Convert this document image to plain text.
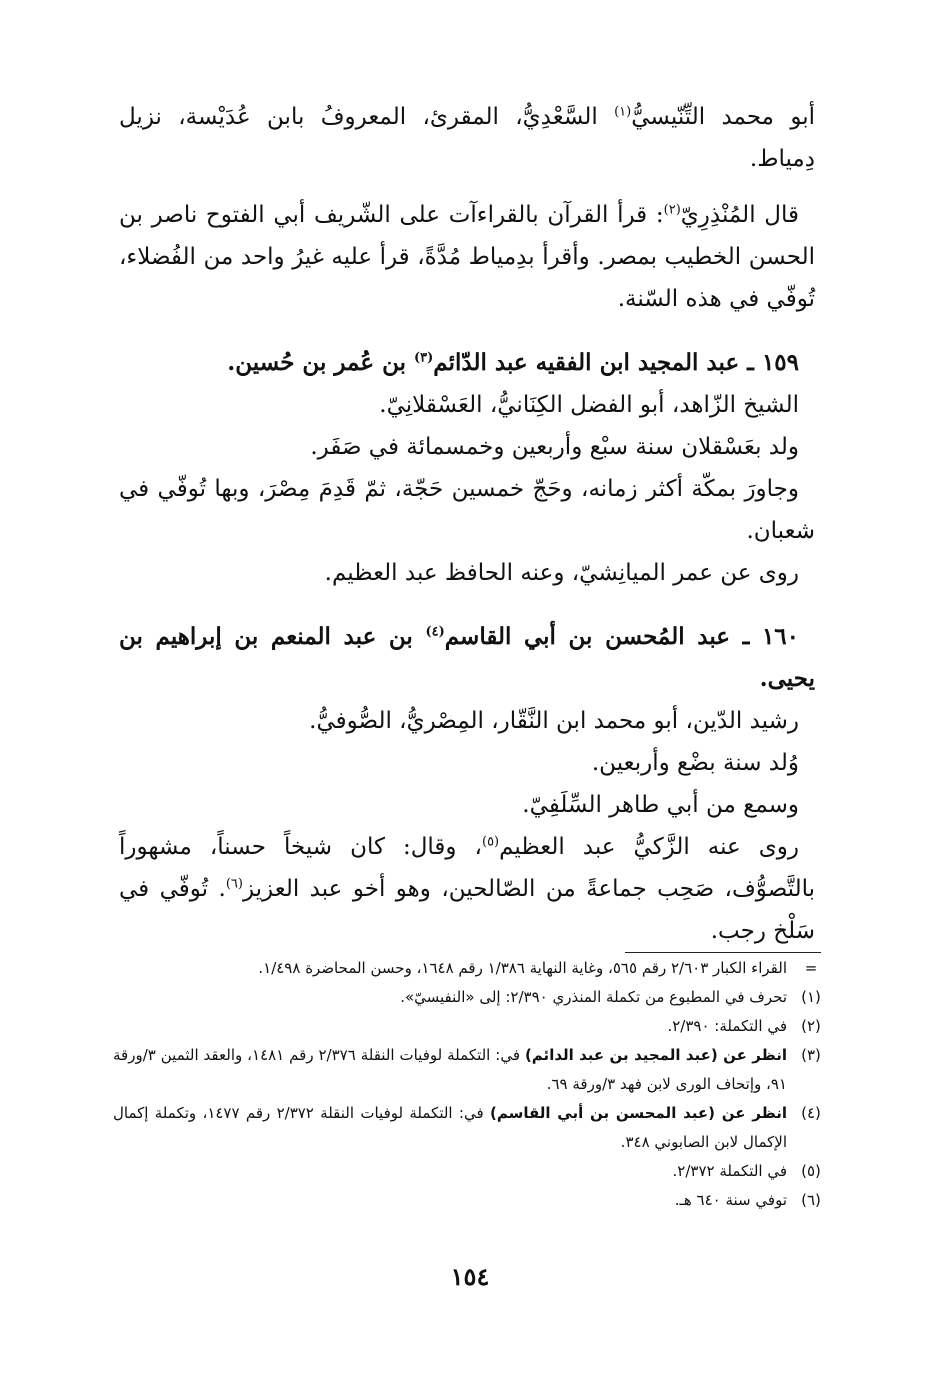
أبو محمد التِّنّيسيُّ$^{(١)}$ السَّعْدِيُّ، المقرئ، المعروفُ بابن عُدَيْسة، نزيل دِمياط.

قال المُنْذِرِيّ$^{(٢)}$: قرأ القرآن بالقراءآت على الشّريف أبي الفتوح ناصر بن الحسن الخطيب بمصر. وأقرأ بدِمياط مُدَّةً، قرأ عليه غيرُ واحد من الفُضلاء، تُوفّي في هذه السّنة.

١٥٩ ـ عبد المجيد ابن الفقيه عبد الدّائم$^{(٣)}$ بن عُمر بن حُسين.

الشيخ الزّاهد، أبو الفضل الكِنَانيُّ، العَسْقلانِيّ.

ولد بعَسْقلان سنة سبْع وأربعين وخمسمائة في صَفَر.

وجاورَ بمكّة أكثر زمانه، وحَجّ خمسين حَجّة، ثمّ قَدِمَ مِصْرَ، وبها تُوفّي في شعبان.

روى عن عمر الميانِشيّ، وعنه الحافظ عبد العظيم.

١٦٠ ـ عبد المُحسن بن أبي القاسم$^{(٤)}$ بن عبد المنعم بن إبراهيم بن يحيى.

رشيد الدّين، أبو محمد ابن النَّقّار، المِصْريُّ، الصُّوفيُّ.

وُلد سنة بضْع وأربعين.

وسمع من أبي طاهر السِّلَفِيّ.

روى عنه الزَّكيُّ عبد العظيم$^{(٥)}$، وقال: كان شيخاً حسناً، مشهوراً بالتَّصوُّف، صَحِب جماعةً من الصّالحين، وهو أخو عبد العزيز$^{(٦)}$. تُوفّي في سَلْخ رجب.

=
القراء الكبار ٢/٦٠٣ رقم ٥٦٥، وغاية النهاية ١/٣٨٦ رقم ١٦٤٨، وحسن المحاضرة ١/٤٩٨.
(١)
تحرف في المطبوع من تكملة المنذري ٢/٣٩٠: إلى «النفيسيّ».
(٢)
في التكملة: ٢/٣٩٠.
(٣)
انظر عن (عبد المجيد بن عبد الدائم) في: التكملة لوفيات النقلة ٢/٣٧٦ رقم ١٤٨١، والعقد الثمين ٣/ورقة ٩١، وإتحاف الورى لابن فهد ٣/ورقة ٦٩.
(٤)
انظر عن (عبد المحسن بن أبي القاسم) في: التكملة لوفيات النقلة ٢/٣٧٢ رقم ١٤٧٧، وتكملة إكمال الإكمال لابن الصابوني ٣٤٨.
(٥)
في التكملة ٢/٣٧٢.
(٦)
توفي سنة ٦٤٠ هـ.
١٥٤
